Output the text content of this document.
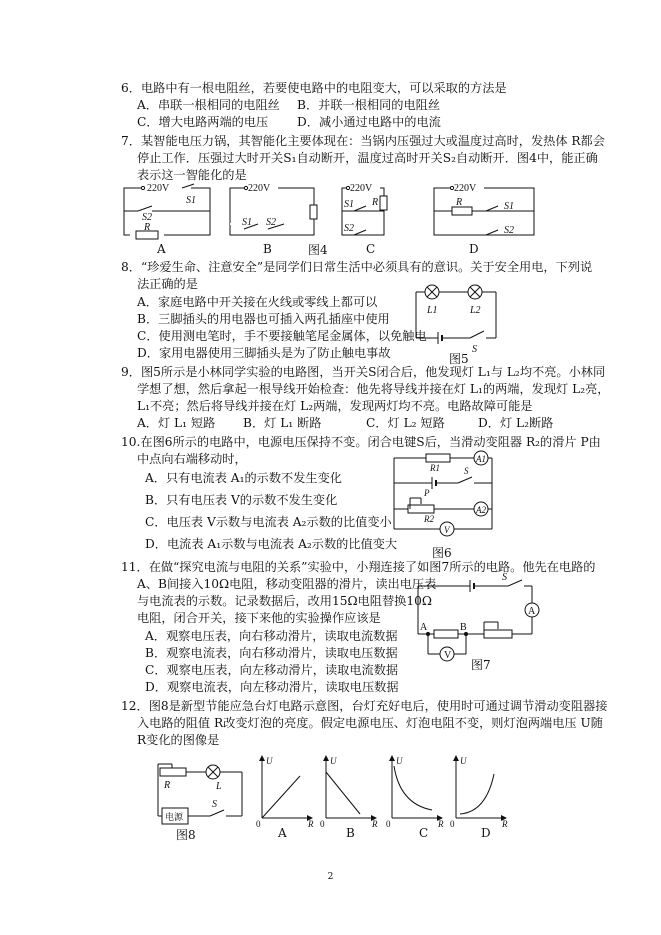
6．电路中有一根电阻丝，若要使电路中的电阻变大，可以采取的方法是
A．串联一根相同的电阻丝 B．并联一根相同的电阻丝
C．增大电路两端的电压 D．减小通过电路中的电流
7．某智能电压力锅，其智能化主要体现在：当锅内压强过大或温度过高时，发热体 R都会
停止工作．压强过大时开关S₁自动断开，温度过高时开关S₂自动断开．图4中，能正确
表示这一智能化的是
220V
S1
S2
R
220V
S1 S2
220V
S1
S2
R
220V
R	S1
S2
A	B	图4	C	D
8．“珍爱生命、注意安全”是同学们日常生活中必须具有的意识。关于安全用电，下列说
法正确的是
A．家庭电路中开关接在火线或零线上都可以
B．三脚插头的用电器也可插入两孔插座中使用
C．使用测电笔时，手不要接触笔尾金属体，以免触电
D．家用电器使用三脚插头是为了防止触电事故
L1	L2
S
图5
9．图5所示是小林同学实验的电路图，当开关S闭合后，他发现灯 L₁与 L₂均不亮。小林同
学想了想，然后拿起一根导线开始检查：他先将导线并接在灯 L₁的两端，发现灯 L₂亮，
L₁不亮；然后将导线并接在灯 L₂两端，发现两灯均不亮。电路故障可能是
A．灯 L₁ 短路 B．灯 L₁ 断路	C．灯 L₂ 短路	D．灯 L₂断路
10.在图6所示的电路中，电源电压保持不变。闭合电键S后，当滑动变阻器 R₂的滑片 P由
中点向右端移动时，
A．只有电流表 A₁的示数不发生变化
B．只有电压表 V的示数不发生变化
C．电压表 V示数与电流表 A₂示数的比值变小
D．电流表 A₁示数与电流表 A₂示数的比值变大
R1
A1
S
P
R2
A2
V
图6
11．在做“探究电流与电阻的关系”实验中，小翔连接了如图7所示的电路。他先在电路的
A、B间接入10Ω电阻，移动变阻器的滑片，读出电压表
与电流表的示数。记录数据后，改用15Ω电阻替换10Ω
电阻，闭合开关，接下来他的实验操作应该是
A．观察电压表，向右移动滑片，读取电流数据
B．观察电流表，向右移动滑片，读取电压数据
C．观察电压表，向左移动滑片，读取电流数据
D．观察电流表，向左移动滑片，读取电压数据
S
A
A	B
V
图7
12．图8是新型节能应急台灯电路示意图，台灯充好电后，使用时可通过调节滑动变阻器接
入电路的阻值 R改变灯泡的亮度。假定电源电压、灯泡电阻不变，则灯泡两端电压 U随
R变化的图像是
R	L
S
电源
图8
U
0	R
U
0	R
U
0	R
U
0	R
A	B	C	D
2
